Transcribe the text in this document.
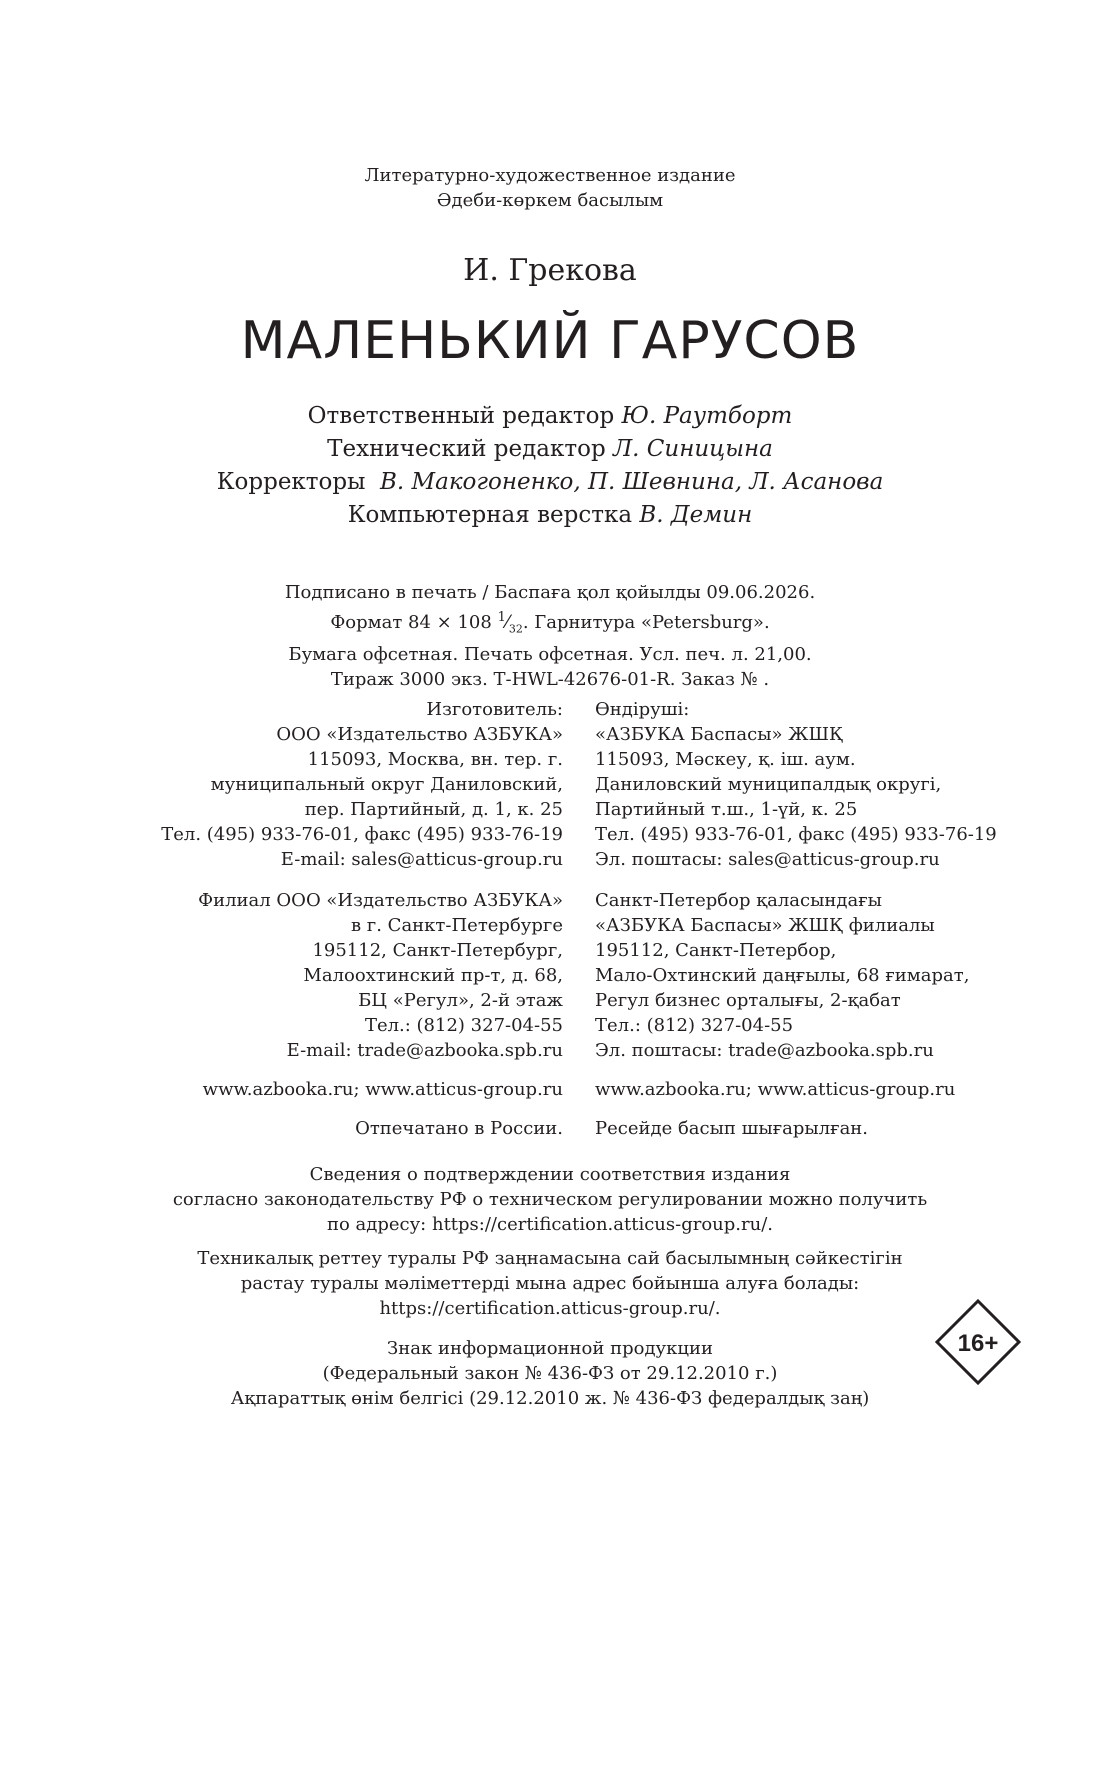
Литературно-художественное издание
Әдеби-көркем басылым
И. Грекова
МАЛЕНЬКИЙ ГАРУСОВ
Ответственный редактор Ю. Раутборт
Технический редактор Л. Синицына
Корректоры В. Макогоненко, П. Шевнина, Л. Асанова
Компьютерная верстка В. Демин
Подписано в печать / Баспаға қол қойылды 09.06.2026.
Формат 84 × 108 $^1⁄_{32}$. Гарнитура «Petersburg».
Бумага офсетная. Печать офсетная. Усл. печ. л. 21,00.
Тираж 3000 экз. Т-HWL-42676-01-R. Заказ № .
Изготовитель:
ООО «Издательство АЗБУКА»
115093, Москва, вн. тер. г.
муниципальный округ Даниловский,
пер. Партийный, д. 1, к. 25
Тел. (495) 933-76-01, факс (495) 933-76-19
E-mail: sales@atticus-group.ru
Өндіруші:
«АЗБУКА Баспасы» ЖШҚ
115093, Мәскеу, қ. іш. аум.
Даниловский муниципалдық округі,
Партийный т.ш., 1-үй, к. 25
Тел. (495) 933-76-01, факс (495) 933-76-19
Эл. поштасы: sales@atticus-group.ru
Филиал ООО «Издательство АЗБУКА»
в г. Санкт-Петербурге
195112, Санкт-Петербург,
Малоохтинский пр-т, д. 68,
БЦ «Регул», 2-й этаж
Тел.: (812) 327-04-55
E-mail: trade@azbooka.spb.ru
Санкт-Петербор қаласындағы
«АЗБУКА Баспасы» ЖШҚ филиалы
195112, Санкт-Петербор,
Мало-Охтинский даңғылы, 68 ғимарат,
Регул бизнес орталығы, 2-қабат
Тел.: (812) 327-04-55
Эл. поштасы: trade@azbooka.spb.ru
www.azbooka.ru; www.atticus-group.ru www.azbooka.ru; www.atticus-group.ru
Отпечатано в России. Ресейде басып шығарылған.
Сведения о подтверждении соответствия издания
согласно законодательству РФ о техническом регулировании можно получить
по адресу: https://certification.atticus-group.ru/.
Техникалық реттеу туралы РФ заңнамасына сай басылымның сәйкестігін
растау туралы мәліметтерді мына адрес бойынша алуға болады:
https://certification.atticus-group.ru/.
Знак информационной продукции
(Федеральный закон № 436-ФЗ от 29.12.2010 г.)
Ақпараттық өнім белгісі (29.12.2010 ж. № 436-ФЗ федералдық заң)
16+
